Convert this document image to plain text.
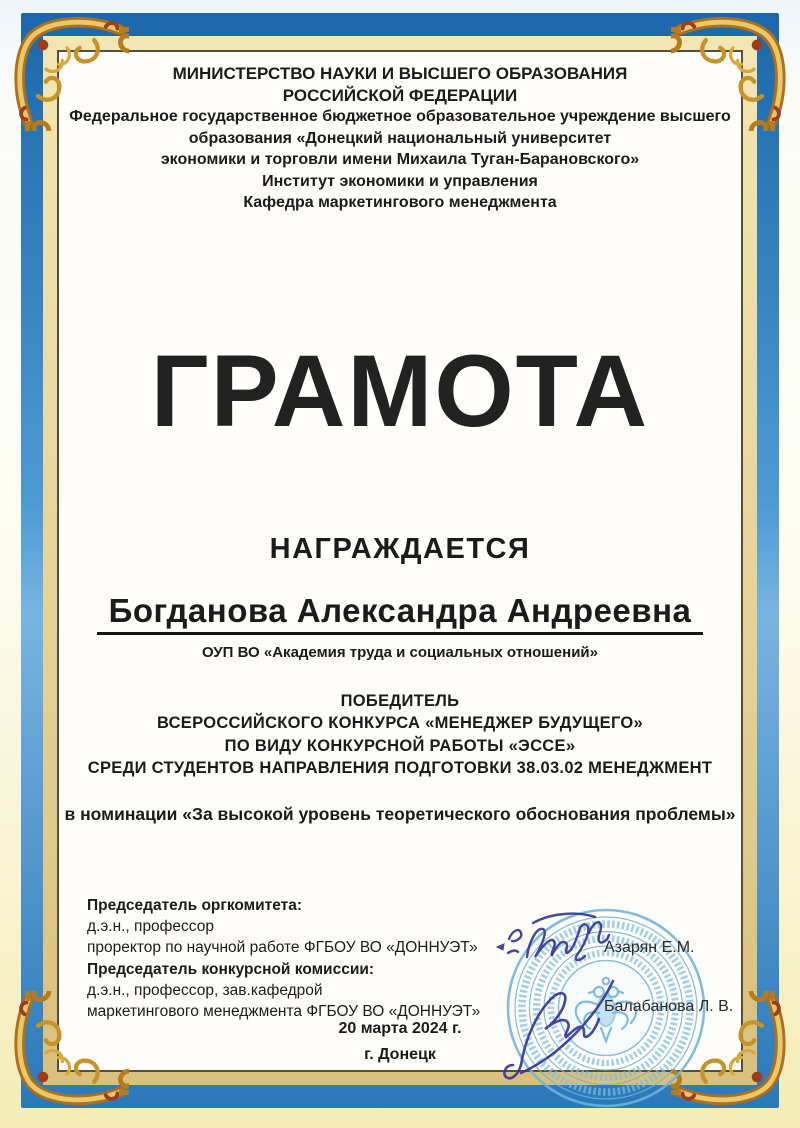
МИНИСТЕРСТВО НАУКИ И ВЫСШЕГО ОБРАЗОВАНИЯ
РОССИЙСКОЙ ФЕДЕРАЦИИ
Федеральное государственное бюджетное образовательное учреждение высшего
образования «Донецкий национальный университет
экономики и торговли имени Михаила Туган-Барановского»
Институт экономики и управления
Кафедра маркетингового менеджмента
ГРАМОТА
НАГРАЖДАЕТСЯ
Богданова Александра Андреевна
ОУП ВО «Академия труда и социальных отношений»
ПОБЕДИТЕЛЬ
ВСЕРОССИЙСКОГО КОНКУРСА «МЕНЕДЖЕР БУДУЩЕГО»
ПО ВИДУ КОНКУРСНОЙ РАБОТЫ «ЭССЕ»
СРЕДИ СТУДЕНТОВ НАПРАВЛЕНИЯ ПОДГОТОВКИ 38.03.02 МЕНЕДЖМЕНТ
в номинации «За высокой уровень теоретического обоснования проблемы»
Председатель оргкомитета:
д.э.н., профессор
проректор по научной работе ФГБОУ ВО «ДОННУЭТ»
Председатель конкурсной комиссии:
д.э.н., профессор, зав.кафедрой
маркетингового менеджмента ФГБОУ ВО «ДОННУЭТ»
20 марта 2024 г.
г. Донецк
Азарян Е.М.
Балабанова Л. В.
